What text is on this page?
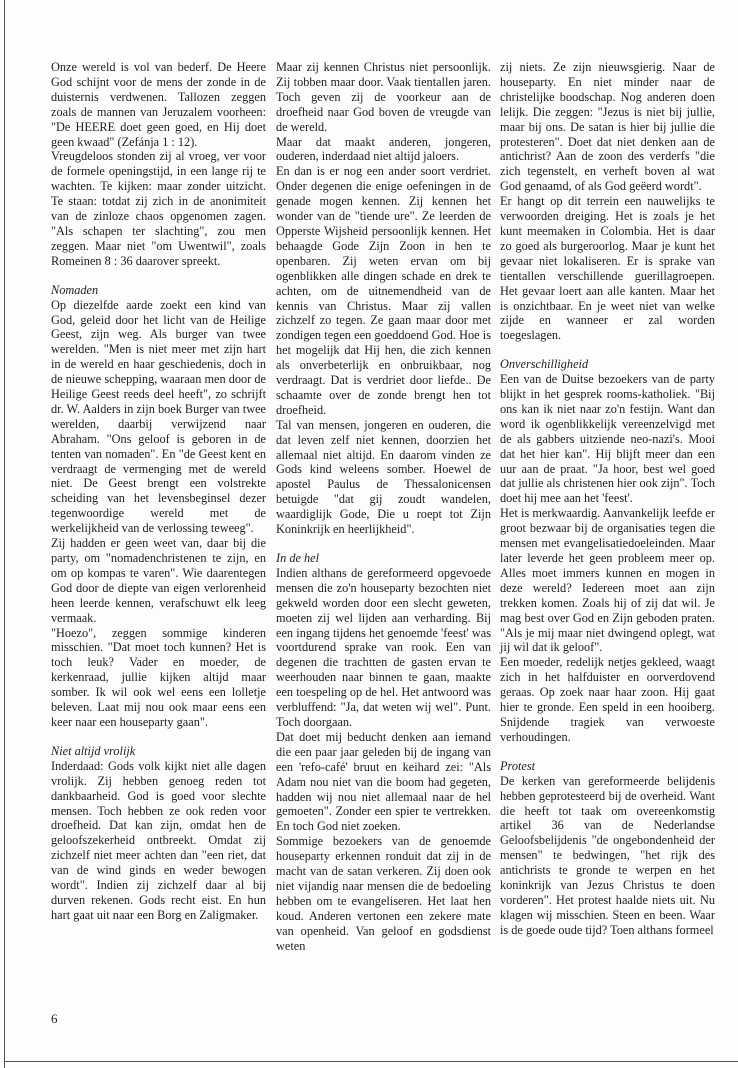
Onze wereld is vol van bederf. De Heere God schijnt voor de mens der zonde in de duisternis verdwenen. Tallozen zeggen zoals de mannen van Jeruzalem voorheen: "De HEERE doet geen goed, en Hij doet geen kwaad" (Zefánja 1 : 12).

Vreugdeloos stonden zij al vroeg, ver voor de formele openingstijd, in een lange rij te wachten. Te kijken: maar zonder uitzicht. Te staan: totdat zij zich in de anonimiteit van de zinloze chaos opgenomen zagen. "Als schapen ter slachting", zou men zeggen. Maar niet "om Uwentwil", zoals Romeinen 8 : 36 daarover spreekt.

Nomaden

Op diezelfde aarde zoekt een kind van God, geleid door het licht van de Heilige Geest, zijn weg. Als burger van twee werelden. "Men is niet meer met zijn hart in de wereld en haar geschiedenis, doch in de nieuwe schepping, waaraan men door de Heilige Geest reeds deel heeft", zo schrijft dr. W. Aalders in zijn boek Burger van twee werelden, daarbij verwijzend naar Abraham. "Ons geloof is geboren in de tenten van nomaden". En "de Geest kent en verdraagt de vermenging met de wereld niet. De Geest brengt een volstrekte scheiding van het levensbeginsel dezer tegenwoordige wereld met de werkelijkheid van de verlossing teweeg".

Zij hadden er geen weet van, daar bij die party, om "nomadenchristenen te zijn, en om op kompas te varen". Wie daarentegen God door de diepte van eigen verlorenheid heen leerde kennen, verafschuwt elk leeg vermaak.

"Hoezo", zeggen sommige kinderen misschien. "Dat moet toch kunnen? Het is toch leuk? Vader en moeder, de kerkenraad, jullie kijken altijd maar somber. Ik wil ook wel eens een lolletje beleven. Laat mij nou ook maar eens een keer naar een houseparty gaan".

Niet altijd vrolijk

Inderdaad: Gods volk kijkt niet alle dagen vrolijk. Zij hebben genoeg reden tot dankbaarheid. God is goed voor slechte mensen. Toch hebben ze ook reden voor droefheid. Dat kan zijn, omdat hen de geloofszekerheid ontbreekt. Omdat zij zichzelf niet meer achten dan "een riet, dat van de wind ginds en weder bewogen wordt". Indien zij zichzelf daar al bij durven rekenen. Gods recht eist. En hun hart gaat uit naar een Borg en Zaligmaker.

Maar zij kennen Christus niet persoonlijk. Zij tobben maar door. Vaak tientallen jaren. Toch geven zij de voorkeur aan de droefheid naar God boven de vreugde van de wereld.

Maar dat maakt anderen, jongeren, ouderen, inderdaad niet altijd jaloers.

En dan is er nog een ander soort verdriet. Onder degenen die enige oefeningen in de genade mogen kennen. Zij kennen het wonder van de "tiende ure". Ze leerden de Opperste Wijsheid persoonlijk kennen. Het behaagde Gode Zijn Zoon in hen te openbaren. Zij weten ervan om bij ogenblikken alle dingen schade en drek te achten, om de uitnemendheid van de kennis van Christus. Maar zij vallen zichzelf zo tegen. Ze gaan maar door met zondigen tegen een goeddoend God. Hoe is het mogelijk dat Hij hen, die zich kennen als onverbeterlijk en onbruikbaar, nog verdraagt. Dat is verdriet door liefde.. De schaamte over de zonde brengt hen tot droefheid.

Tal van mensen, jongeren en ouderen, die dat leven zelf niet kennen, doorzien het allemaal niet altijd. En daarom vinden ze Gods kind weleens somber. Hoewel de apostel Paulus de Thessalonicensen betuigde "dat gij zoudt wandelen, waardiglijk Gode, Die u roept tot Zijn Koninkrijk en heerlijkheid".

In de hel

Indien althans de gereformeerd opgevoede mensen die zo'n houseparty bezochten niet gekweld worden door een slecht geweten, moeten zij wel lijden aan verharding. Bij een ingang tijdens het genoemde 'feest' was voortdurend sprake van rook. Een van degenen die trachtten de gasten ervan te weerhouden naar binnen te gaan, maakte een toespeling op de hel. Het antwoord was verbluffend: "Ja, dat weten wij wel". Punt. Toch doorgaan.

Dat doet mij beducht denken aan iemand die een paar jaar geleden bij de ingang van een 'refo-café' bruut en keihard zei: "Als Adam nou niet van die boom had gegeten, hadden wij nou niet allemaal naar de hel gemoeten". Zonder een spier te vertrekken. En toch God niet zoeken.

Sommige bezoekers van de genoemde houseparty erkennen ronduit dat zij in de macht van de satan verkeren. Zij doen ook niet vijandig naar mensen die de bedoeling hebben om te evangeliseren. Het laat hen koud. Anderen vertonen een zekere mate van openheid. Van geloof en godsdienst weten

zij niets. Ze zijn nieuwsgierig. Naar de houseparty. En niet minder naar de christelijke boodschap. Nog anderen doen lelijk. Die zeggen: "Jezus is niet bij jullie, maar bij ons. De satan is hier bij jullie die protesteren". Doet dat niet denken aan de antichrist? Aan de zoon des verderfs "die zich tegenstelt, en verheft boven al wat God genaamd, of als God geëerd wordt".

Er hangt op dit terrein een nauwelijks te verwoorden dreiging. Het is zoals je het kunt meemaken in Colombia. Het is daar zo goed als burgeroorlog. Maar je kunt het gevaar niet lokaliseren. Er is sprake van tientallen verschillende guerillagroepen. Het gevaar loert aan alle kanten. Maar het is onzichtbaar. En je weet niet van welke zijde en wanneer er zal worden toegeslagen.

Onverschilligheid

Een van de Duitse bezoekers van de party blijkt in het gesprek rooms-katholiek. "Bij ons kan ik niet naar zo'n festijn. Want dan word ik ogenblikkelijk vereenzelvigd met de als gabbers uitziende neo-nazi's. Mooi dat het hier kan". Hij blijft meer dan een uur aan de praat. "Ja hoor, best wel goed dat jullie als christenen hier ook zijn". Toch doet hij mee aan het 'feest'.

Het is merkwaardig. Aanvankelijk leefde er groot bezwaar bij de organisaties tegen die mensen met evangelisatiedoeleinden. Maar later leverde het geen probleem meer op. Alles moet immers kunnen en mogen in deze wereld? Iedereen moet aan zijn trekken komen. Zoals hij of zij dat wil. Je mag best over God en Zijn geboden praten. "Als je mij maar niet dwingend oplegt, wat jij wil dat ik geloof".

Een moeder, redelijk netjes gekleed, waagt zich in het halfduister en oorverdovend geraas. Op zoek naar haar zoon. Hij gaat hier te gronde. Een speld in een hooiberg. Snijdende tragiek van verwoeste verhoudingen.

Protest

De kerken van gereformeerde belijdenis hebben geprotesteerd bij de overheid. Want die heeft tot taak om overeenkomstig artikel 36 van de Nederlandse Geloofsbelijdenis "de ongebondenheid der mensen" te bedwingen, "het rijk des antichrists te gronde te werpen en het koninkrijk van Jezus Christus te doen vorderen". Het protest haalde niets uit. Nu klagen wij misschien. Steen en been. Waar is de goede oude tijd? Toen althans formeel

6
